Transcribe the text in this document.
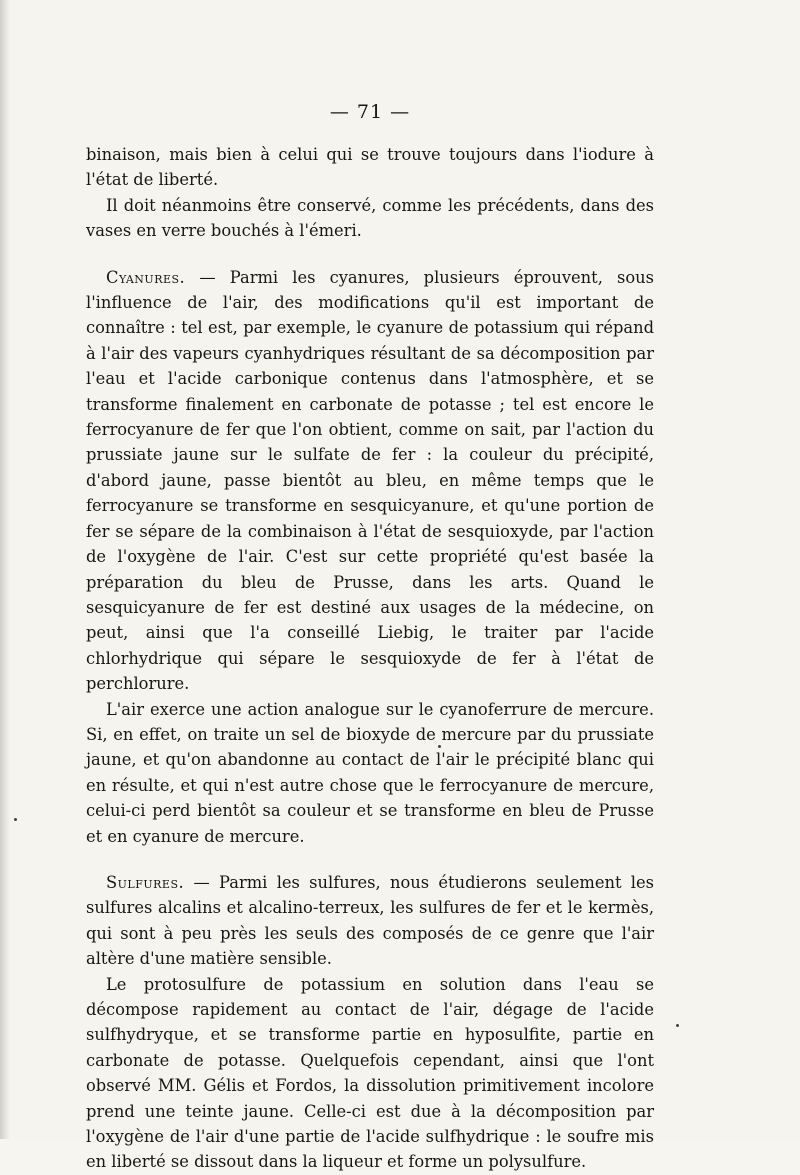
— 71 —

binaison, mais bien à celui qui se trouve toujours dans l'iodure à l'état de liberté.

Il doit néanmoins être conservé, comme les précédents, dans des vases en verre bouchés à l'émeri.

Cyanures. — Parmi les cyanures, plusieurs éprouvent, sous l'influence de l'air, des modifications qu'il est important de connaître : tel est, par exemple, le cyanure de potassium qui répand à l'air des vapeurs cyanhydriques résultant de sa décomposition par l'eau et l'acide carbonique contenus dans l'atmosphère, et se transforme finalement en carbonate de potasse ; tel est encore le ferrocyanure de fer que l'on obtient, comme on sait, par l'action du prussiate jaune sur le sulfate de fer : la couleur du précipité, d'abord jaune, passe bientôt au bleu, en même temps que le ferrocyanure se transforme en sesquicyanure, et qu'une portion de fer se sépare de la combinaison à l'état de sesquioxyde, par l'action de l'oxygène de l'air. C'est sur cette propriété qu'est basée la préparation du bleu de Prusse, dans les arts. Quand le sesquicyanure de fer est destiné aux usages de la médecine, on peut, ainsi que l'a conseillé Liebig, le traiter par l'acide chlorhydrique qui sépare le sesquioxyde de fer à l'état de perchlorure.

L'air exerce une action analogue sur le cyanoferrure de mercure. Si, en effet, on traite un sel de bioxyde de mercure par du prussiate jaune, et qu'on abandonne au contact de l'air le précipité blanc qui en résulte, et qui n'est autre chose que le ferrocyanure de mercure, celui-ci perd bientôt sa couleur et se transforme en bleu de Prusse et en cyanure de mercure.

Sulfures. — Parmi les sulfures, nous étudierons seulement les sulfures alcalins et alcalino-terreux, les sulfures de fer et le kermès, qui sont à peu près les seuls des composés de ce genre que l'air altère d'une matière sensible.

Le protosulfure de potassium en solution dans l'eau se décompose rapidement au contact de l'air, dégage de l'acide sulfhydryque, et se transforme partie en hyposulfite, partie en carbonate de potasse. Quelquefois cependant, ainsi que l'ont observé MM. Gélis et Fordos, la dissolution primitivement incolore prend une teinte jaune. Celle-ci est due à la décomposition par l'oxygène de l'air d'une partie de l'acide sulfhydrique : le soufre mis en liberté se dissout dans la liqueur et forme un polysulfure.
